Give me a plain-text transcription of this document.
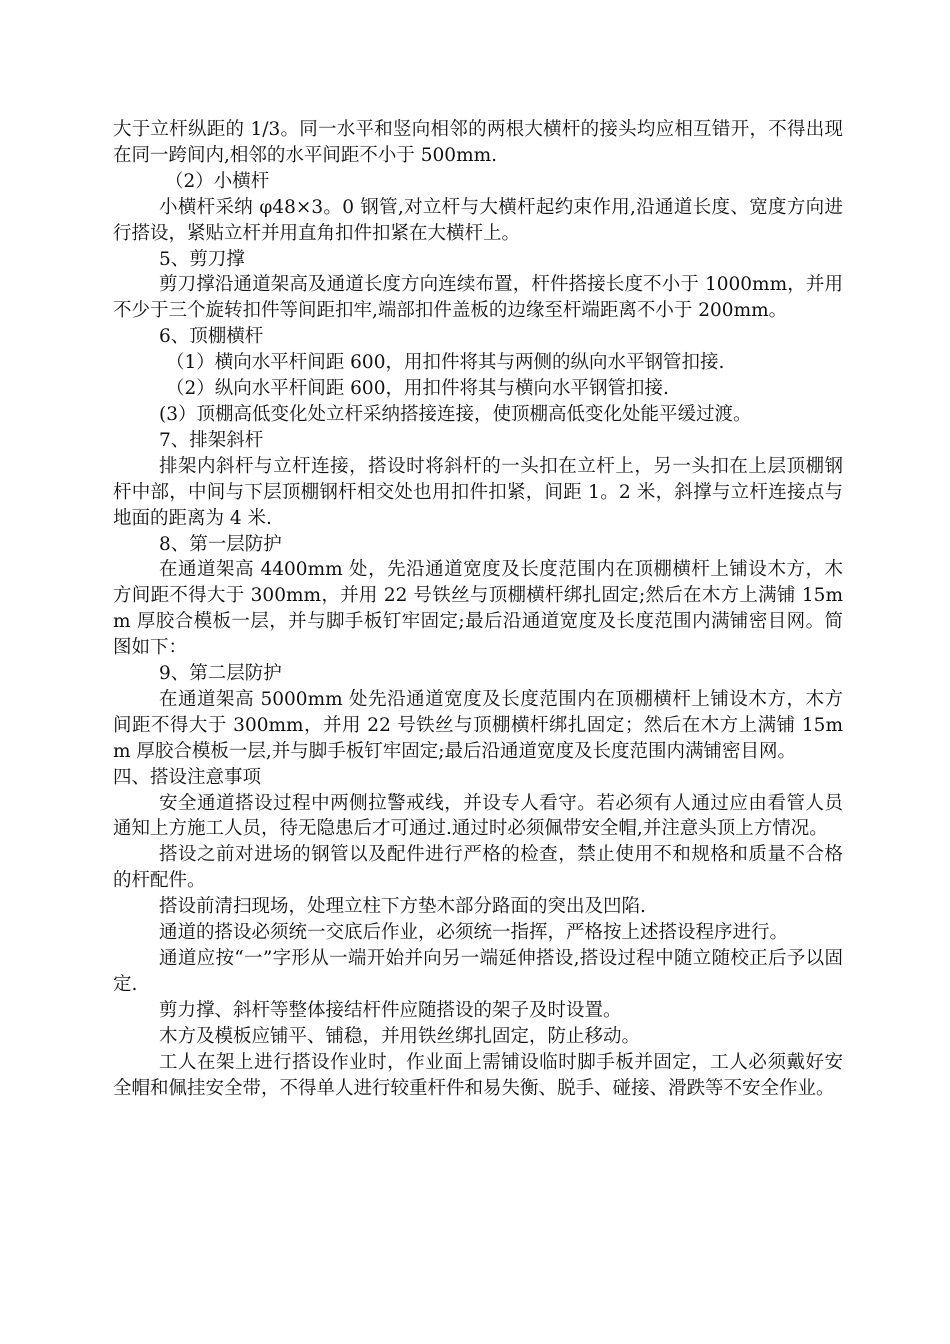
大于立杆纵距的 1/3。同一水平和竖向相邻的两根大横杆的接头均应相互错开，不得出现在同一跨间内,相邻的水平间距不小于 500mm.

（2）小横杆

小横杆采纳 φ48×3。0 钢管,对立杆与大横杆起约束作用,沿通道长度、宽度方向进行搭设，紧贴立杆并用直角扣件扣紧在大横杆上。

5、剪刀撑

剪刀撑沿通道架高及通道长度方向连续布置，杆件搭接长度不小于 1000mm，并用不少于三个旋转扣件等间距扣牢,端部扣件盖板的边缘至杆端距离不小于 200mm。

6、顶棚横杆

（1）横向水平杆间距 600，用扣件将其与两侧的纵向水平钢管扣接.

（2）纵向水平杆间距 600，用扣件将其与横向水平钢管扣接.

(3）顶棚高低变化处立杆采纳搭接连接，使顶棚高低变化处能平缓过渡。

7、排架斜杆

排架内斜杆与立杆连接，搭设时将斜杆的一头扣在立杆上，另一头扣在上层顶棚钢杆中部，中间与下层顶棚钢杆相交处也用扣件扣紧，间距 1。2 米，斜撑与立杆连接点与地面的距离为 4 米.

8、第一层防护

在通道架高 4400mm 处，先沿通道宽度及长度范围内在顶棚横杆上铺设木方，木方间距不得大于 300mm，并用 22 号铁丝与顶棚横杆绑扎固定;然后在木方上满铺 15mm 厚胶合模板一层，并与脚手板钉牢固定;最后沿通道宽度及长度范围内满铺密目网。简图如下：

9、第二层防护

在通道架高 5000mm 处先沿通道宽度及长度范围内在顶棚横杆上铺设木方，木方间距不得大于 300mm，并用 22 号铁丝与顶棚横杆绑扎固定；然后在木方上满铺 15mm 厚胶合模板一层,并与脚手板钉牢固定;最后沿通道宽度及长度范围内满铺密目网。

四、搭设注意事项

安全通道搭设过程中两侧拉警戒线，并设专人看守。若必须有人通过应由看管人员通知上方施工人员，待无隐患后才可通过.通过时必须佩带安全帽,并注意头顶上方情况。

搭设之前对进场的钢管以及配件进行严格的检查，禁止使用不和规格和质量不合格的杆配件。

搭设前清扫现场，处理立柱下方垫木部分路面的突出及凹陷.

通道的搭设必须统一交底后作业，必须统一指挥，严格按上述搭设程序进行。

通道应按“一”字形从一端开始并向另一端延伸搭设,搭设过程中随立随校正后予以固定.

剪力撑、斜杆等整体接结杆件应随搭设的架子及时设置。

木方及模板应铺平、铺稳，并用铁丝绑扎固定，防止移动。

工人在架上进行搭设作业时，作业面上需铺设临时脚手板并固定，工人必须戴好安全帽和佩挂安全带，不得单人进行较重杆件和易失衡、脱手、碰接、滑跌等不安全作业。
